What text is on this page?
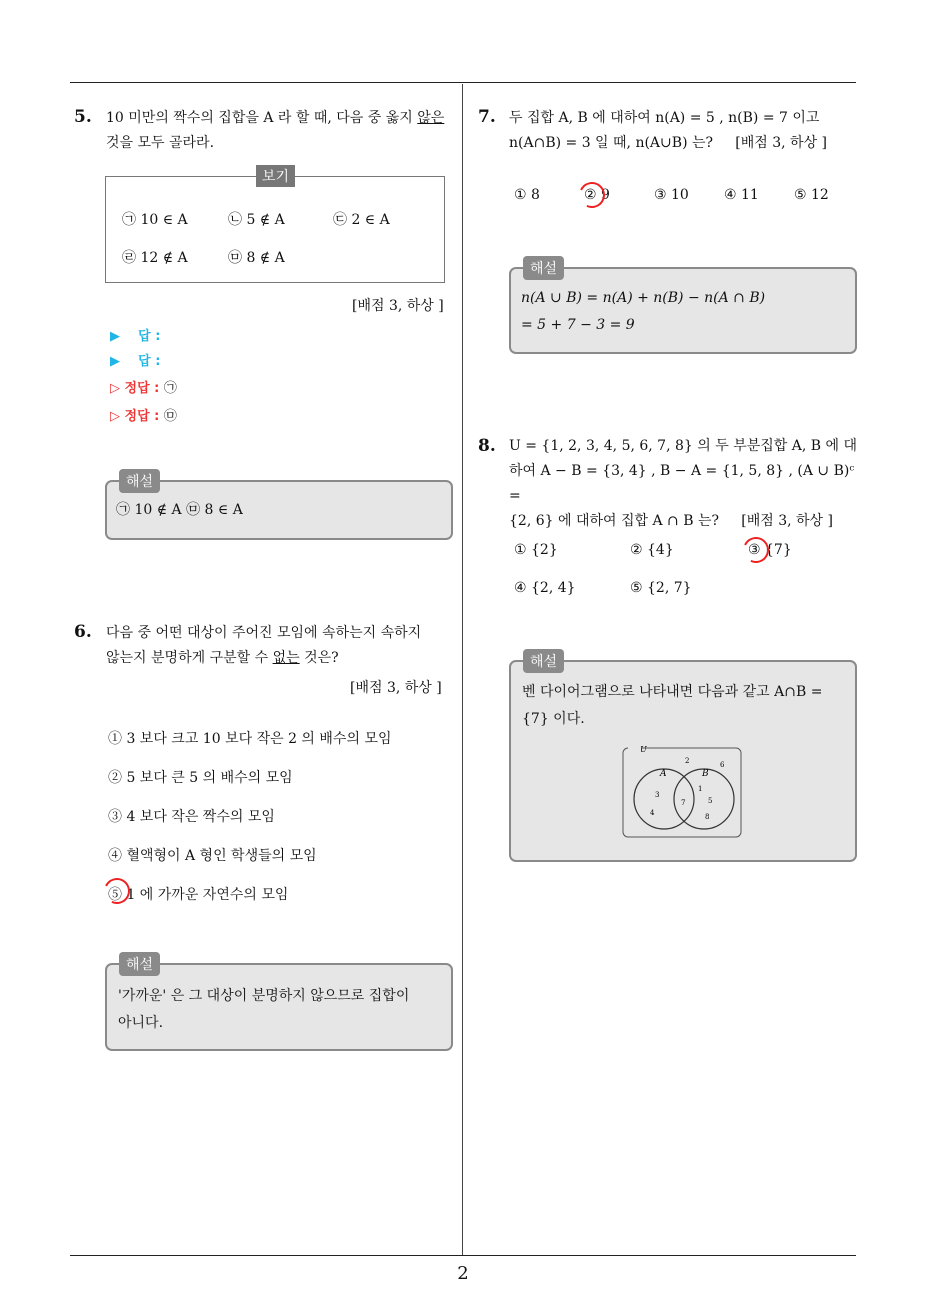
5. 10 미만의 짝수의 집합을 A 라 할 때, 다음 중 옳지 않은
것을 모두 골라라.
보기
㉠ 10 ∈ A	㉡ 5 ∉ A	㉢ 2 ∈ A
㉣ 12 ∉ A	㉤ 8 ∉ A
[배점 3, 하상 ]
▶ 답 :
▶ 답 :
▷ 정답 : ㉠
▷ 정답 : ㉤
해설
㉠ 10 ∉ A ㉤ 8 ∈ A
6. 다음 중 어떤 대상이 주어진 모임에 속하는지 속하지
않는지 분명하게 구분할 수 없는 것은?
[배점 3, 하상 ]
① 3 보다 크고 10 보다 작은 2 의 배수의 모임
② 5 보다 큰 5 의 배수의 모임
③ 4 보다 작은 짝수의 모임
④ 혈액형이 A 형인 학생들의 모임
⑤ 1 에 가까운 자연수의 모임
해설
'가까운' 은 그 대상이 분명하지 않으므로 집합이
아니다.
7. 두 집합 A, B 에 대하여 n(A) = 5 , n(B) = 7 이고
n(A∩B) = 3 일 때, n(A∪B) 는? [배점 3, 하상 ]
① 8	② 9	③ 10	④ 11	⑤ 12
해설
n(A ∪ B) = n(A) + n(B) − n(A ∩ B)
= 5 + 7 − 3 = 9
8. U = {1, 2, 3, 4, 5, 6, 7, 8} 의 두 부분집합 A, B 에 대
하여 A − B = {3, 4} , B − A = {1, 5, 8} , (A ∪ B)ᶜ =
{2, 6} 에 대하여 집합 A ∩ B 는? [배점 3, 하상 ]
① {2}	② {4}	③ {7}
④ {2, 4}	⑤ {2, 7}
해설
벤 다이어그램으로 나타내면 다음과 같고 A∩B =
{7} 이다.
U
A	B
2	6
3
4
7
1
5
8
2
